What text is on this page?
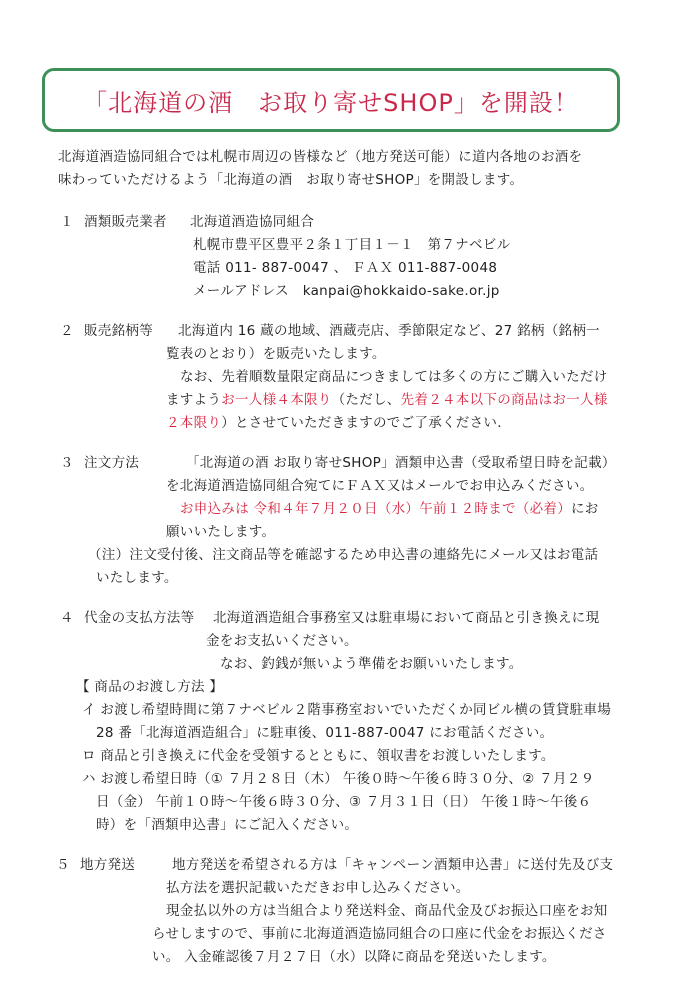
「北海道の酒　お取り寄せSHOP」を開設！
北海道酒造協同組合では札幌市周辺の皆様など（地方発送可能）に道内各地のお酒を
味わっていただけるよう「北海道の酒　お取り寄せSHOP」を開設します。
１ 酒類販売業者 北海道酒造協同組合
札幌市豊平区豊平２条１丁目１－１　第７ナベビル
電話 011- 887-0047 、 ＦＡＸ 011-887-0048
メールアドレス　kanpai@hokkaido-sake.or.jp
２ 販売銘柄等 北海道内 16 蔵の地域、酒蔵売店、季節限定など、27 銘柄（銘柄一
覧表のとおり）を販売いたします。
なお、先着順数量限定商品につきましては多くの方にご購入いただけ
ますようお一人様４本限り（ただし、先着２４本以下の商品はお一人様
２本限り）とさせていただきますのでご了承ください.
３ 注文方法	「北海道の酒 お取り寄せSHOP」酒類申込書（受取希望日時を記載）
を北海道酒造協同組合宛てにＦＡＸ又はメールでお申込みください。
お申込みは 令和４年７月２０日（水）午前１２時まで（必着）にお
願いいたします。
（注）注文受付後、注文商品等を確認するため申込書の連絡先にメール又はお電話
いたします。
４ 代金の支払方法等 北海道酒造組合事務室又は駐車場において商品と引き換えに現
金をお支払いください。
なお、釣銭が無いよう準備をお願いいたします。
【 商品のお渡し方法 】
イ お渡し希望時間に第７ナベビル２階事務室おいでいただくか同ビル横の賃貸駐車場
28 番「北海道酒造組合」に駐車後、011-887-0047 にお電話ください。
ロ 商品と引き換えに代金を受領するとともに、領収書をお渡しいたします。
ハ お渡し希望日時（① ７月２８日（木） 午後０時～午後６時３０分、② ７月２９
日（金） 午前１０時～午後６時３０分、③ ７月３１日（日） 午後１時～午後６
時）を「酒類申込書」にご記入ください。
５ 地方発送	地方発送を希望される方は「キャンペーン酒類申込書」に送付先及び支
払方法を選択記載いただきお申し込みください。
現金払以外の方は当組合より発送料金、商品代金及びお振込口座をお知
らせしますので、事前に北海道酒造協同組合の口座に代金をお振込くださ
い。 入金確認後７月２７日（水）以降に商品を発送いたします。
